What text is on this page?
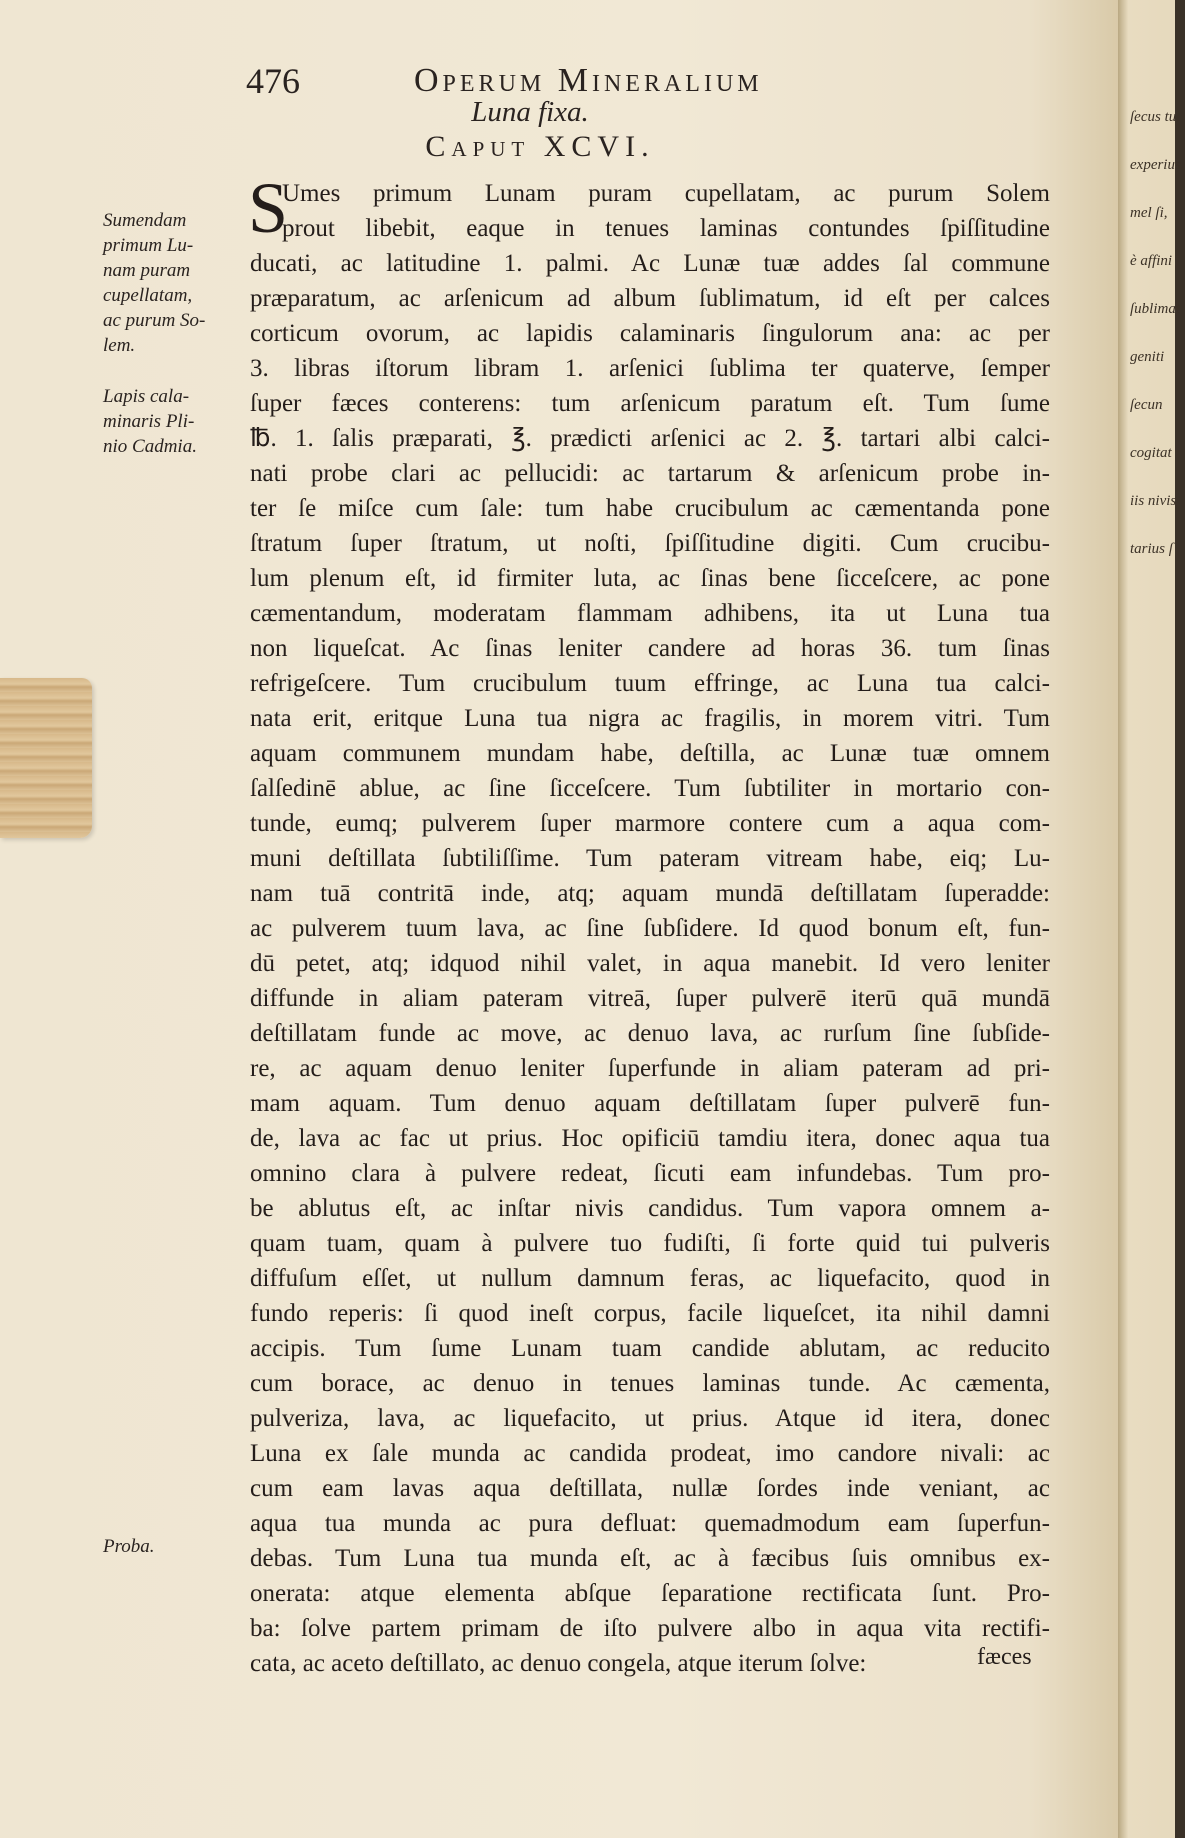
476	Operum Mineralium
Luna fixa.
Caput XCVI.
S
Umes primum Lunam puram cupellatam, ac purum Solem
prout libebit, eaque in tenues laminas contundes ſpiſſitudine
ducati, ac latitudine 1. palmi. Ac Lunæ tuæ addes ſal commune
præparatum, ac arſenicum ad album ſublimatum, id eſt per calces
corticum ovorum, ac lapidis calaminaris ſingulorum ana: ac per
3. libras iſtorum libram 1. arſenici ſublima ter quaterve, ſemper
ſuper fæces conterens: tum arſenicum paratum eſt. Tum ſume
℔. 1. ſalis præparati, ℥. prædicti arſenici ac 2. ℥. tartari albi calci-
nati probe clari ac pellucidi: ac tartarum & arſenicum probe in-
ter ſe miſce cum ſale: tum habe crucibulum ac cæmentanda pone
ſtratum ſuper ſtratum, ut noſti, ſpiſſitudine digiti. Cum crucibu-
lum plenum eſt, id firmiter luta, ac ſinas bene ſicceſcere, ac pone
cæmentandum, moderatam flammam adhibens, ita ut Luna tua
non liqueſcat. Ac ſinas leniter candere ad horas 36. tum ſinas
refrigeſcere. Tum crucibulum tuum effringe, ac Luna tua calci-
nata erit, eritque Luna tua nigra ac fragilis, in morem vitri. Tum
aquam communem mundam habe, deſtilla, ac Lunæ tuæ omnem
ſalſedinē ablue, ac ſine ſicceſcere. Tum ſubtiliter in mortario con-
tunde, eumq; pulverem ſuper marmore contere cum a aqua com-
muni deſtillata ſubtiliſſime. Tum pateram vitream habe, eiq; Lu-
nam tuā contritā inde, atq; aquam mundā deſtillatam ſuperadde:
ac pulverem tuum lava, ac ſine ſubſidere. Id quod bonum eſt, fun-
dū petet, atq; idquod nihil valet, in aqua manebit. Id vero leniter
diffunde in aliam pateram vitreā, ſuper pulverē iterū quā mundā
deſtillatam funde ac move, ac denuo lava, ac rurſum ſine ſubſide-
re, ac aquam denuo leniter ſuperfunde in aliam pateram ad pri-
mam aquam. Tum denuo aquam deſtillatam ſuper pulverē fun-
de, lava ac fac ut prius. Hoc opificiū tamdiu itera, donec aqua tua
omnino clara à pulvere redeat, ſicuti eam infundebas. Tum pro-
be ablutus eſt, ac inſtar nivis candidus. Tum vapora omnem a-
quam tuam, quam à pulvere tuo fudiſti, ſi forte quid tui pulveris
diffuſum eſſet, ut nullum damnum feras, ac liquefacito, quod in
fundo reperis: ſi quod ineſt corpus, facile liqueſcet, ita nihil damni
accipis. Tum ſume Lunam tuam candide ablutam, ac reducito
cum borace, ac denuo in tenues laminas tunde. Ac cæmenta,
pulveriza, lava, ac liquefacito, ut prius. Atque id itera, donec
Luna ex ſale munda ac candida prodeat, imo candore nivali: ac
cum eam lavas aqua deſtillata, nullæ ſordes inde veniant, ac
aqua tua munda ac pura defluat: quemadmodum eam ſuperfun-
debas. Tum Luna tua munda eſt, ac à fæcibus ſuis omnibus ex-
onerata: atque elementa abſque ſeparatione rectificata ſunt. Pro-
ba: ſolve partem primam de iſto pulvere albo in aqua vita rectifi-
cata, ac aceto deſtillato, ac denuo congela, atque iterum ſolve:
Sumendam
primum Lu-
nam puram
cupellatam,
ac purum So-
lem.
Lapis cala-
minaris Pli-
nio Cadmia.
Proba.
fæces
ſecus tul
experius.
mel ſi,
è affini
ſublimat
geniti
ſecun
cogitat
iis nivis
tarius ſ
